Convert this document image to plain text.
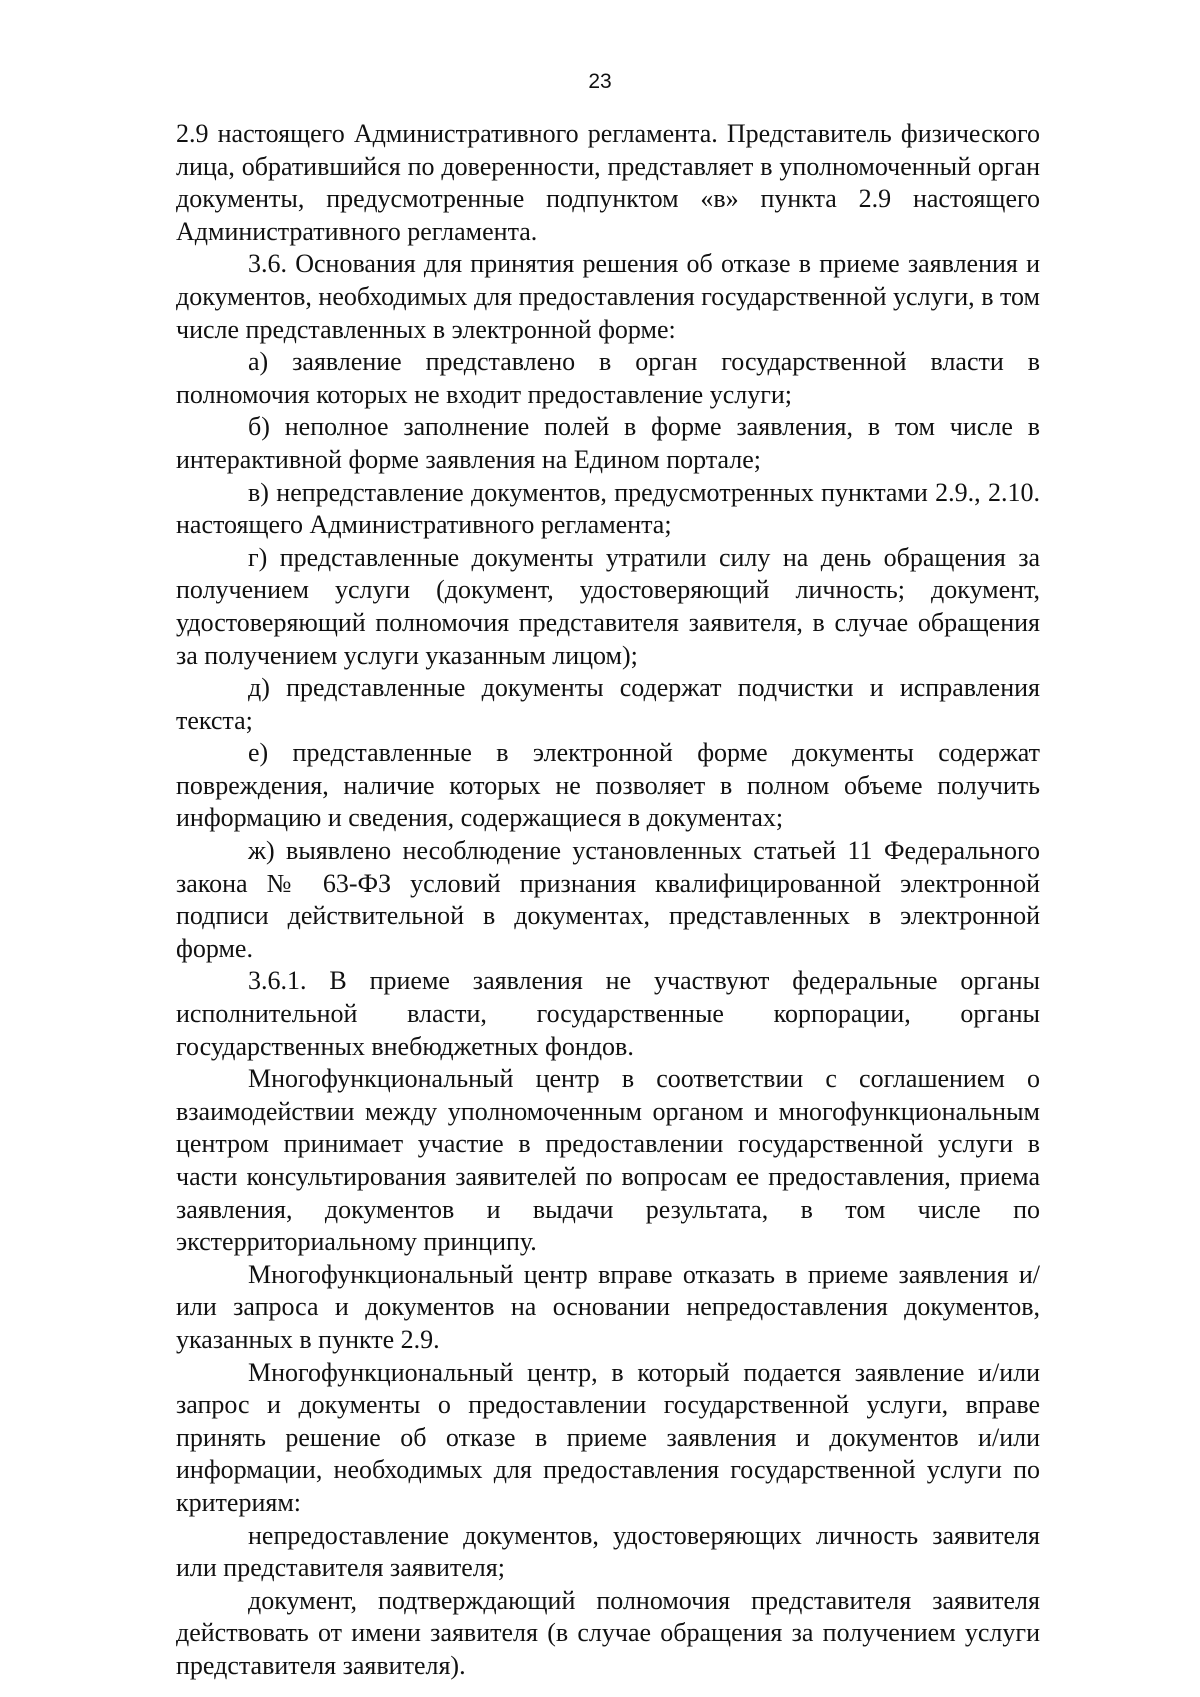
23

2.9 настоящего Административного регламента. Представитель физического лица, обратившийся по доверенности, представляет в уполномоченный орган документы, предусмотренные подпунктом «в» пункта 2.9 настоящего Административного регламента.

3.6. Основания для принятия решения об отказе в приеме заявления и документов, необходимых для предоставления государственной услуги, в том числе представленных в электронной форме:

а) заявление представлено в орган государственной власти в полномочия которых не входит предоставление услуги;

б) неполное заполнение полей в форме заявления, в том числе в интерактивной форме заявления на Едином портале;

в) непредставление документов, предусмотренных пунктами 2.9., 2.10. настоящего Административного регламента;

г) представленные документы утратили силу на день обращения за получением услуги (документ, удостоверяющий личность; документ, удостоверяющий полномочия представителя заявителя, в случае обращения за получением услуги указанным лицом);

д) представленные документы содержат подчистки и исправления текста;

е) представленные в электронной форме документы содержат повреждения, наличие которых не позволяет в полном объеме получить информацию и сведения, содержащиеся в документах;

ж) выявлено несоблюдение установленных статьей 11 Федерального закона № 63-ФЗ условий признания квалифицированной электронной подписи действительной в документах, представленных в электронной форме.

3.6.1. В приеме заявления не участвуют федеральные органы исполнительной власти, государственные корпорации, органы государственных внебюджетных фондов.

Многофункциональный центр в соответствии с соглашением о взаимодействии между уполномоченным органом и многофункциональным центром принимает участие в предоставлении государственной услуги в части консультирования заявителей по вопросам ее предоставления, приема заявления, документов и выдачи результата, в том числе по экстерриториальному принципу.

Многофункциональный центр вправе отказать в приеме заявления и/или запроса и документов на основании непредоставления документов, указанных в пункте 2.9.

Многофункциональный центр, в который подается заявление и/или запрос и документы о предоставлении государственной услуги, вправе принять решение об отказе в приеме заявления и документов и/или информации, необходимых для предоставления государственной услуги по критериям:

непредоставление документов, удостоверяющих личность заявителя или представителя заявителя;

документ, подтверждающий полномочия представителя заявителя действовать от имени заявителя (в случае обращения за получением услуги представителя заявителя).
